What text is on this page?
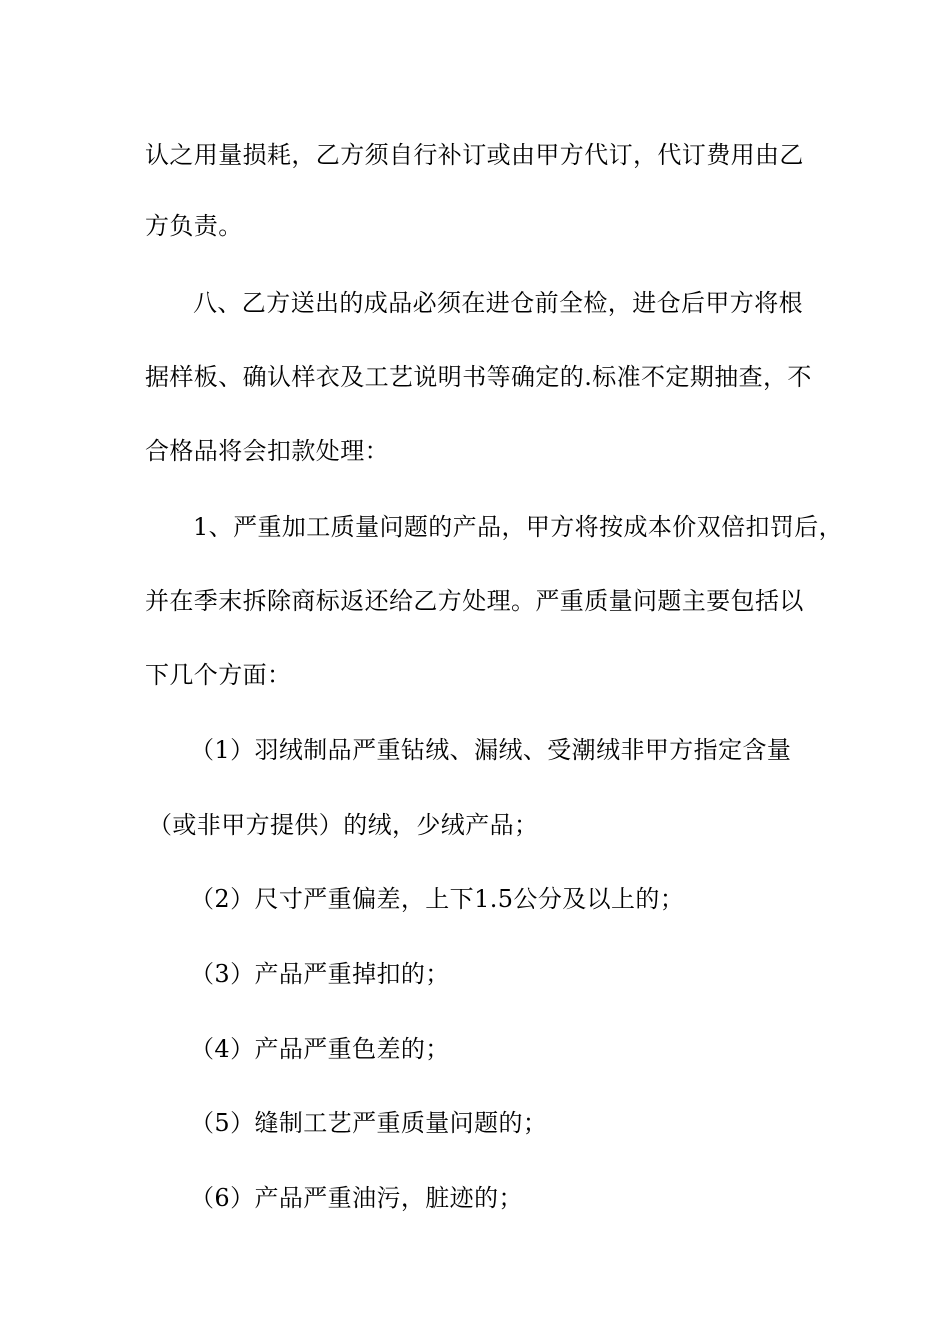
认之用量损耗，乙方须自行补订或由甲方代订，代订费用由乙
方负责。
八、乙方送出的成品必须在进仓前全检，进仓后甲方将根
据样板、确认样衣及工艺说明书等确定的.标准不定期抽查，不
合格品将会扣款处理：
1、严重加工质量问题的产品，甲方将按成本价双倍扣罚后，
并在季末拆除商标返还给乙方处理。严重质量问题主要包括以
下几个方面：
（1）羽绒制品严重钻绒、漏绒、受潮绒非甲方指定含量
（或非甲方提供）的绒，少绒产品；
（2）尺寸严重偏差，上下1.5公分及以上的；
（3）产品严重掉扣的；
（4）产品严重色差的；
（5）缝制工艺严重质量问题的；
（6）产品严重油污，脏迹的；
